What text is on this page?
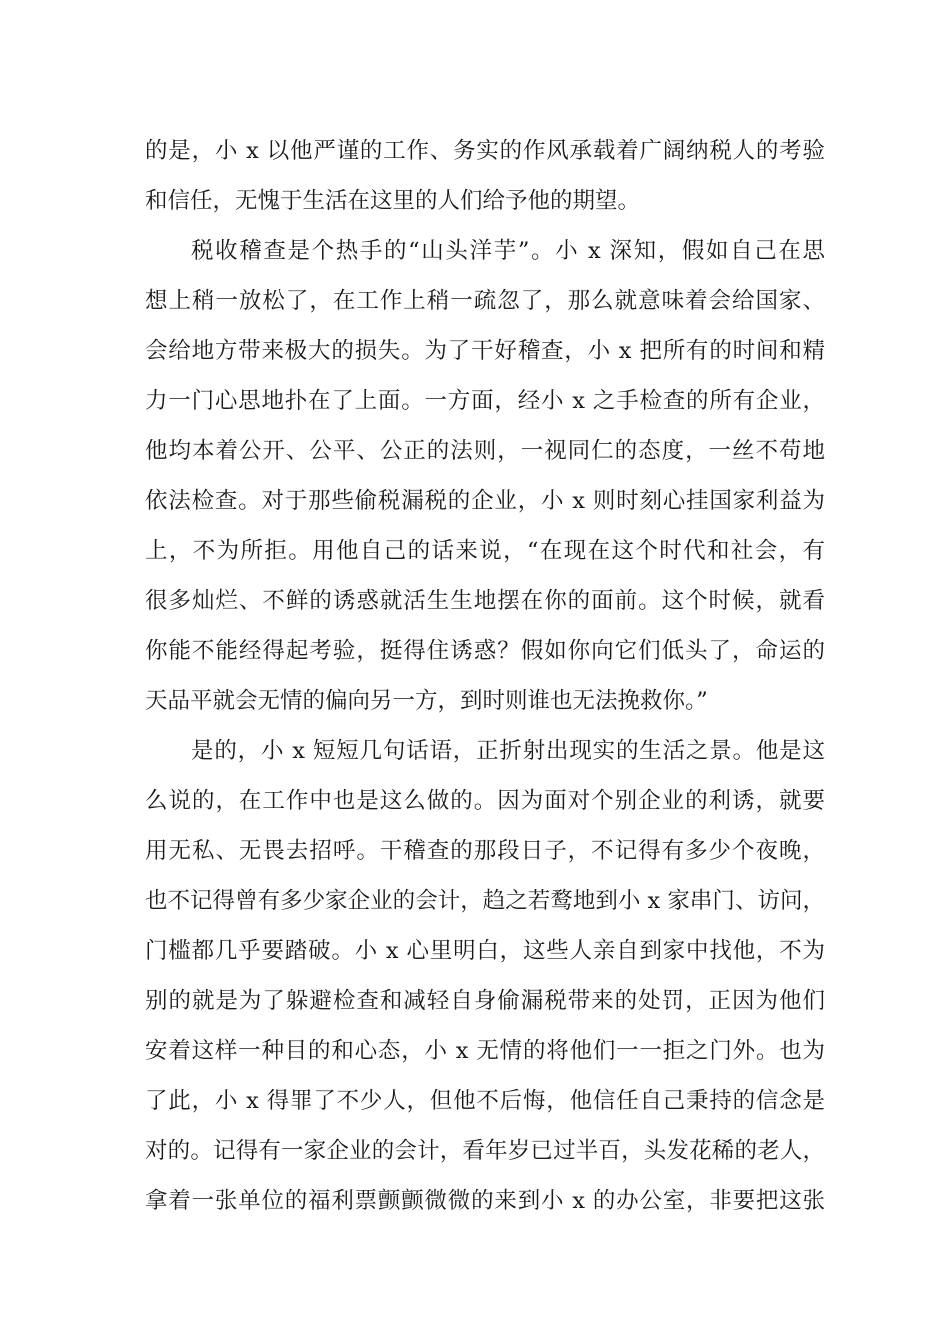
的是，小 x 以他严谨的工作、务实的作风承载着广阔纳税人的考验
和信任，无愧于生活在这里的人们给予他的期望。
税收稽查是个热手的“山头洋芋”。小 x 深知，假如自己在思
想上稍一放松了，在工作上稍一疏忽了，那么就意味着会给国家、
会给地方带来极大的损失。为了干好稽查，小 x 把所有的时间和精
力一门心思地扑在了上面。一方面，经小 x 之手检查的所有企业，
他均本着公开、公平、公正的法则，一视同仁的态度，一丝不苟地
依法检查。对于那些偷税漏税的企业，小 x 则时刻心挂国家利益为
上，不为所拒。用他自己的话来说，“在现在这个时代和社会，有
很多灿烂、不鲜的诱惑就活生生地摆在你的面前。这个时候，就看
你能不能经得起考验，挺得住诱惑？假如你向它们低头了，命运的
天品平就会无情的偏向另一方，到时则谁也无法挽救你。”
是的，小 x 短短几句话语，正折射出现实的生活之景。他是这
么说的，在工作中也是这么做的。因为面对个别企业的利诱，就要
用无私、无畏去招呼。干稽查的那段日子，不记得有多少个夜晚，
也不记得曾有多少家企业的会计，趋之若鹜地到小 x 家串门、访问，
门槛都几乎要踏破。小 x 心里明白，这些人亲自到家中找他，不为
别的就是为了躲避检查和减轻自身偷漏税带来的处罚，正因为他们
安着这样一种目的和心态，小 x 无情的将他们一一拒之门外。也为
了此，小 x 得罪了不少人，但他不后悔，他信任自己秉持的信念是
对的。记得有一家企业的会计，看年岁已过半百，头发花稀的老人，
拿着一张单位的福利票颤颤微微的来到小 x 的办公室，非要把这张
